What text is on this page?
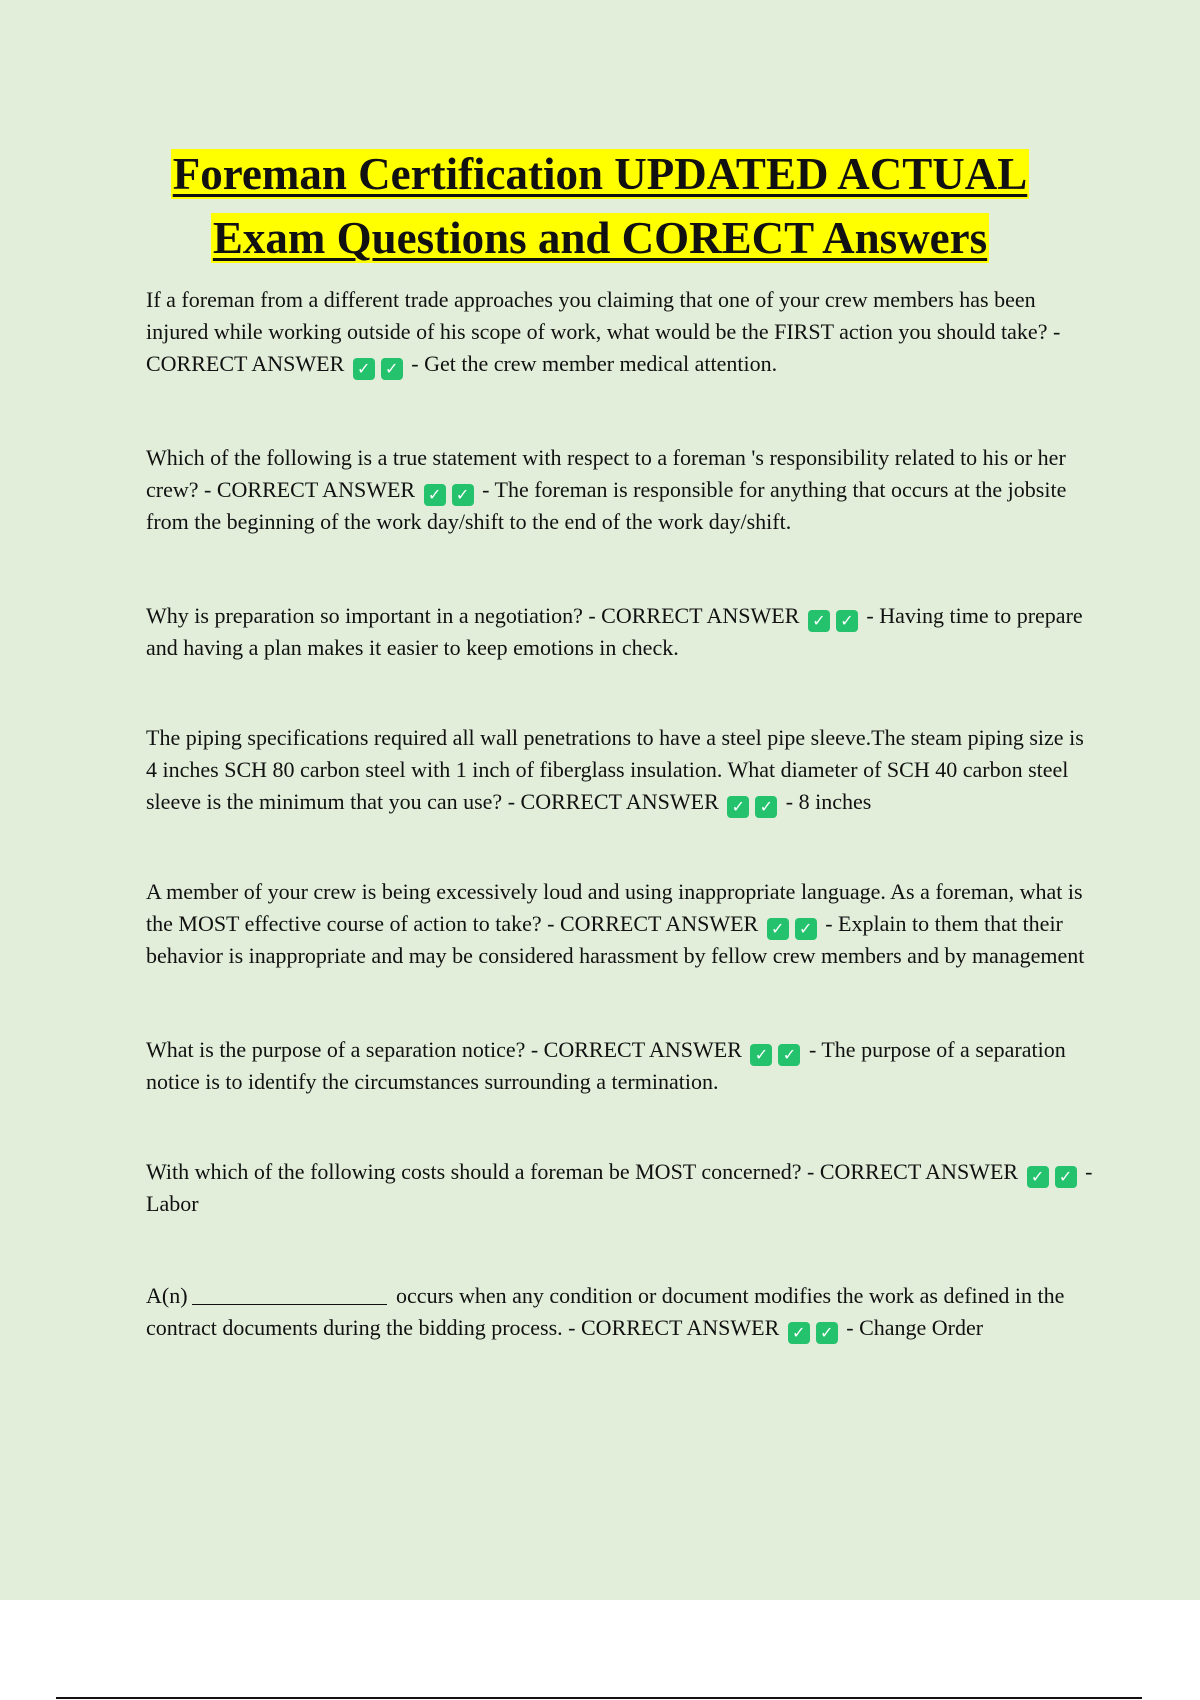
Foreman Certification UPDATED ACTUAL
Exam Questions and CORECT Answers

If a foreman from a different trade approaches you claiming that one of your crew members has been injured while working outside of his scope of work, what would be the FIRST action you should take? - CORRECT ANSWER ✓ ✓ - Get the crew member medical attention.

Which of the following is a true statement with respect to a foreman 's responsibility related to his or her crew? - CORRECT ANSWER ✓ ✓ - The foreman is responsible for anything that occurs at the jobsite from the beginning of the work day/shift to the end of the work day/shift.

Why is preparation so important in a negotiation? - CORRECT ANSWER ✓ ✓ - Having time to prepare and having a plan makes it easier to keep emotions in check.

The piping specifications required all wall penetrations to have a steel pipe sleeve.The steam piping size is 4 inches SCH 80 carbon steel with 1 inch of fiberglass insulation. What diameter of SCH 40 carbon steel sleeve is the minimum that you can use? - CORRECT ANSWER ✓ ✓ - 8 inches

A member of your crew is being excessively loud and using inappropriate language. As a foreman, what is the MOST effective course of action to take? - CORRECT ANSWER ✓ ✓ - Explain to them that their behavior is inappropriate and may be considered harassment by fellow crew members and by management

What is the purpose of a separation notice? - CORRECT ANSWER ✓ ✓ - The purpose of a separation notice is to identify the circumstances surrounding a termination.

With which of the following costs should a foreman be MOST concerned? - CORRECT ANSWER ✓ ✓ - Labor

A(n)	occurs when any condition or document modifies the work as defined in the contract documents during the bidding process. - CORRECT ANSWER ✓ ✓ - Change Order
